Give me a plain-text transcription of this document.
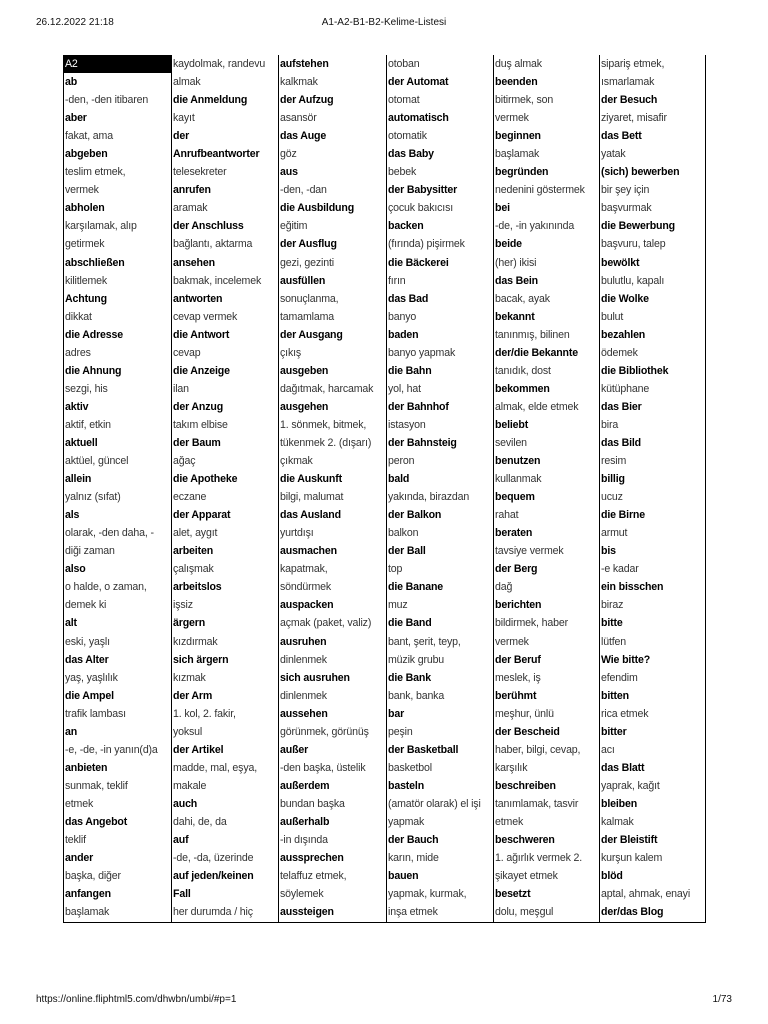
26.12.2022 21:18	A1-A2-B1-B2-Kelime-Listesi
A2
ab
-den, -den itibaren
aber
fakat, ama
abgeben
teslim etmek,
vermek
abholen
karşılamak, alıp
getirmek
abschließen
kilitlemek
Achtung
dikkat
die Adresse
adres
die Ahnung
sezgi, his
aktiv
aktif, etkin
aktuell
aktüel, güncel
allein
yalnız (sıfat)
als
olarak, -den daha, -
diği zaman
also
o halde, o zaman,
demek ki
alt
eski, yaşlı
das Alter
yaş, yaşlılık
die Ampel
trafik lambası
an
-e, -de, -in yanın(d)a
anbieten
sunmak, teklif
etmek
das Angebot
teklif
ander
başka, diğer
anfangen
başlamak
kaydolmak, randevu
almak
die Anmeldung
kayıt
der
Anrufbeantworter
telesekreter
anrufen
aramak
der Anschluss
bağlantı, aktarma
ansehen
bakmak, incelemek
antworten
cevap vermek
die Antwort
cevap
die Anzeige
ilan
der Anzug
takım elbise
der Baum
ağaç
die Apotheke
eczane
der Apparat
alet, aygıt
arbeiten
çalışmak
arbeitslos
işsiz
ärgern
kızdırmak
sich ärgern
kızmak
der Arm
1. kol, 2. fakir,
yoksul
der Artikel
madde, mal, eşya,
makale
auch
dahi, de, da
auf
-de, -da, üzerinde
auf jeden/keinen
Fall
her durumda / hiç
aufstehen
kalkmak
der Aufzug
asansör
das Auge
göz
aus
-den, -dan
die Ausbildung
eğitim
der Ausflug
gezi, gezinti
ausfüllen
sonuçlanma,
tamamlama
der Ausgang
çıkış
ausgeben
dağıtmak, harcamak
ausgehen
1. sönmek, bitmek,
tükenmek 2. (dışarı)
çıkmak
die Auskunft
bilgi, malumat
das Ausland
yurtdışı
ausmachen
kapatmak,
söndürmek
auspacken
açmak (paket, valiz)
ausruhen
dinlenmek
sich ausruhen
dinlenmek
aussehen
görünmek, görünüş
außer
-den başka, üstelik
außerdem
bundan başka
außerhalb
-in dışında
aussprechen
telaffuz etmek,
söylemek
aussteigen
otoban
der Automat
otomat
automatisch
otomatik
das Baby
bebek
der Babysitter
çocuk bakıcısı
backen
(fırında) pişirmek
die Bäckerei
fırın
das Bad
banyo
baden
banyo yapmak
die Bahn
yol, hat
der Bahnhof
istasyon
der Bahnsteig
peron
bald
yakında, birazdan
der Balkon
balkon
der Ball
top
die Banane
muz
die Band
bant, şerit, teyp,
müzik grubu
die Bank
bank, banka
bar
peşin
der Basketball
basketbol
basteln
(amatör olarak) el işi
yapmak
der Bauch
karın, mide
bauen
yapmak, kurmak,
inşa etmek
duş almak
beenden
bitirmek, son
vermek
beginnen
başlamak
begründen
nedenini göstermek
bei
-de, -in yakınında
beide
(her) ikisi
das Bein
bacak, ayak
bekannt
tanınmış, bilinen
der/die Bekannte
tanıdık, dost
bekommen
almak, elde etmek
beliebt
sevilen
benutzen
kullanmak
bequem
rahat
beraten
tavsiye vermek
der Berg
dağ
berichten
bildirmek, haber
vermek
der Beruf
meslek, iş
berühmt
meşhur, ünlü
der Bescheid
haber, bilgi, cevap,
karşılık
beschreiben
tanımlamak, tasvir
etmek
beschweren
1. ağırlık vermek 2.
şikayet etmek
besetzt
dolu, meşgul
sipariş etmek,
ısmarlamak
der Besuch
ziyaret, misafir
das Bett
yatak
(sich) bewerben
bir şey için
başvurmak
die Bewerbung
başvuru, talep
bewölkt
bulutlu, kapalı
die Wolke
bulut
bezahlen
ödemek
die Bibliothek
kütüphane
das Bier
bira
das Bild
resim
billig
ucuz
die Birne
armut
bis
-e kadar
ein bisschen
biraz
bitte
lütfen
Wie bitte?
efendim
bitten
rica etmek
bitter
acı
das Blatt
yaprak, kağıt
bleiben
kalmak
der Bleistift
kurşun kalem
blöd
aptal, ahmak, enayi
der/das Blog
https://online.fliphtml5.com/dhwbn/umbi/#p=1	1/73
